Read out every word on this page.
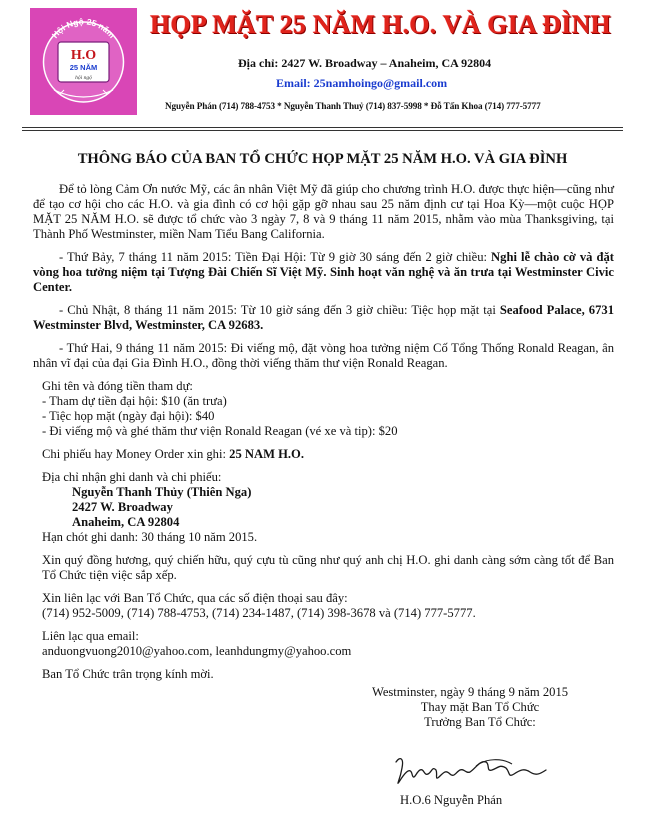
Hội Ngộ 25 năm
H.O
25 NĂM
hội ngộ
HỌP MẶT 25 NĂM H.O. VÀ GIA ĐÌNH
Địa chỉ: 2427 W. Broadway – Anaheim, CA 92804
Email: 25namhoingo@gmail.com
Nguyễn Phán (714) 788-4753 * Nguyễn Thanh Thuỷ (714) 837-5998 * Đỗ Tấn Khoa (714) 777-5777
THÔNG BÁO CỦA BAN TỔ CHỨC HỌP MẶT 25 NĂM H.O. VÀ GIA ĐÌNH

Để tỏ lòng Cảm Ơn nước Mỹ, các ân nhân Việt Mỹ đã giúp cho chương trình H.O. được thực hiện—cũng như để tạo cơ hội cho các H.O. và gia đình có cơ hội gặp gỡ nhau sau 25 năm định cư tại Hoa Kỳ—một cuộc HỌP MẶT 25 NĂM H.O. sẽ được tổ chức vào 3 ngày 7, 8 và 9 tháng 11 năm 2015, nhằm vào mùa Thanksgiving, tại Thành Phố Westminster, miền Nam Tiểu Bang California.

- Thứ Bảy, 7 tháng 11 năm 2015: Tiền Đại Hội: Từ 9 giờ 30 sáng đến 2 giờ chiều: Nghi lễ chào cờ và đặt vòng hoa tưởng niệm tại Tượng Đài Chiến Sĩ Việt Mỹ. Sinh hoạt văn nghệ và ăn trưa tại Westminster Civic Center.

- Chủ Nhật, 8 tháng 11 năm 2015: Từ 10 giờ sáng đến 3 giờ chiều: Tiệc họp mặt tại Seafood Palace, 6731 Westminster Blvd, Westminster, CA 92683.

- Thứ Hai, 9 tháng 11 năm 2015: Đi viếng mộ, đặt vòng hoa tưởng niệm Cố Tổng Thống Ronald Reagan, ân nhân vĩ đại của đại Gia Đình H.O., đồng thời viếng thăm thư viện Ronald Reagan.

Ghi tên và đóng tiền tham dự:

- Tham dự tiền đại hội: $10 (ăn trưa)

- Tiệc họp mặt (ngày đại hội): $40

- Đi viếng mộ và ghé thăm thư viện Ronald Reagan (vé xe và tip): $20

Chi phiếu hay Money Order xin ghi: 25 NAM H.O.

Địa chỉ nhận ghi danh và chi phiếu:

Nguyễn Thanh Thủy (Thiên Nga)

2427 W. Broadway

Anaheim, CA 92804

Hạn chót ghi danh: 30 tháng 10 năm 2015.

Xin quý đồng hương, quý chiến hữu, quý cựu tù cũng như quý anh chị H.O. ghi danh càng sớm càng tốt để Ban Tổ Chức tiện việc sắp xếp.

Xin liên lạc với Ban Tổ Chức, qua các số điện thoại sau đây:

(714) 952-5009, (714) 788-4753, (714) 234-1487, (714) 398-3678 và (714) 777-5777.

Liên lạc qua email:

anduongvuong2010@yahoo.com, leanhdungmy@yahoo.com

Ban Tổ Chức trân trọng kính mời.

Westminster, ngày 9 tháng 9 năm 2015
Thay mặt Ban Tổ Chức
Trưởng Ban Tổ Chức:
H.O.6 Nguyễn Phán
